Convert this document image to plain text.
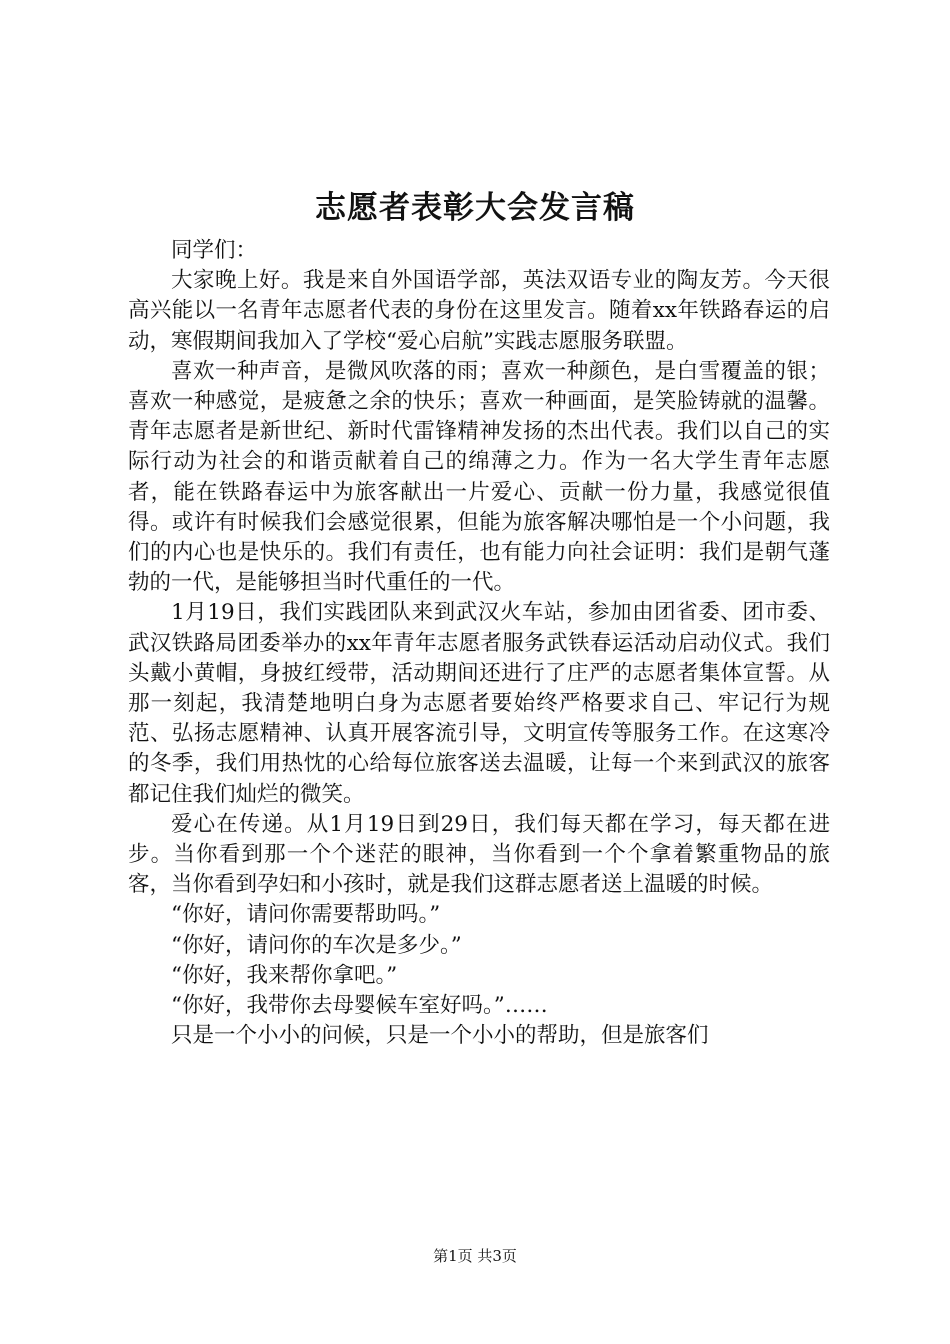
志愿者表彰大会发言稿

同学们：

大家晚上好。我是来自外国语学部，英法双语专业的陶友芳。今天很高兴能以一名青年志愿者代表的身份在这里发言。随着xx年铁路春运的启动，寒假期间我加入了学校“爱心启航”实践志愿服务联盟。

喜欢一种声音，是微风吹落的雨；喜欢一种颜色，是白雪覆盖的银；喜欢一种感觉，是疲惫之余的快乐；喜欢一种画面，是笑脸铸就的温馨。青年志愿者是新世纪、新时代雷锋精神发扬的杰出代表。我们以自己的实际行动为社会的和谐贡献着自己的绵薄之力。作为一名大学生青年志愿者，能在铁路春运中为旅客献出一片爱心、贡献一份力量，我感觉很值得。或许有时候我们会感觉很累，但能为旅客解决哪怕是一个小问题，我们的内心也是快乐的。我们有责任，也有能力向社会证明：我们是朝气蓬勃的一代，是能够担当时代重任的一代。

1月19日，我们实践团队来到武汉火车站，参加由团省委、团市委、武汉铁路局团委举办的xx年青年志愿者服务武铁春运活动启动仪式。我们头戴小黄帽，身披红绶带，活动期间还进行了庄严的志愿者集体宣誓。从那一刻起，我清楚地明白身为志愿者要始终严格要求自己、牢记行为规范、弘扬志愿精神、认真开展客流引导，文明宣传等服务工作。在这寒冷的冬季，我们用热忱的心给每位旅客送去温暖，让每一个来到武汉的旅客都记住我们灿烂的微笑。

爱心在传递。从1月19日到29日，我们每天都在学习，每天都在进步。当你看到那一个个迷茫的眼神，当你看到一个个拿着繁重物品的旅客，当你看到孕妇和小孩时，就是我们这群志愿者送上温暖的时候。

“你好，请问你需要帮助吗。”

“你好，请问你的车次是多少。”

“你好，我来帮你拿吧。”

“你好，我带你去母婴候车室好吗。”……

只是一个小小的问候，只是一个小小的帮助，但是旅客们

第1页 共3页
